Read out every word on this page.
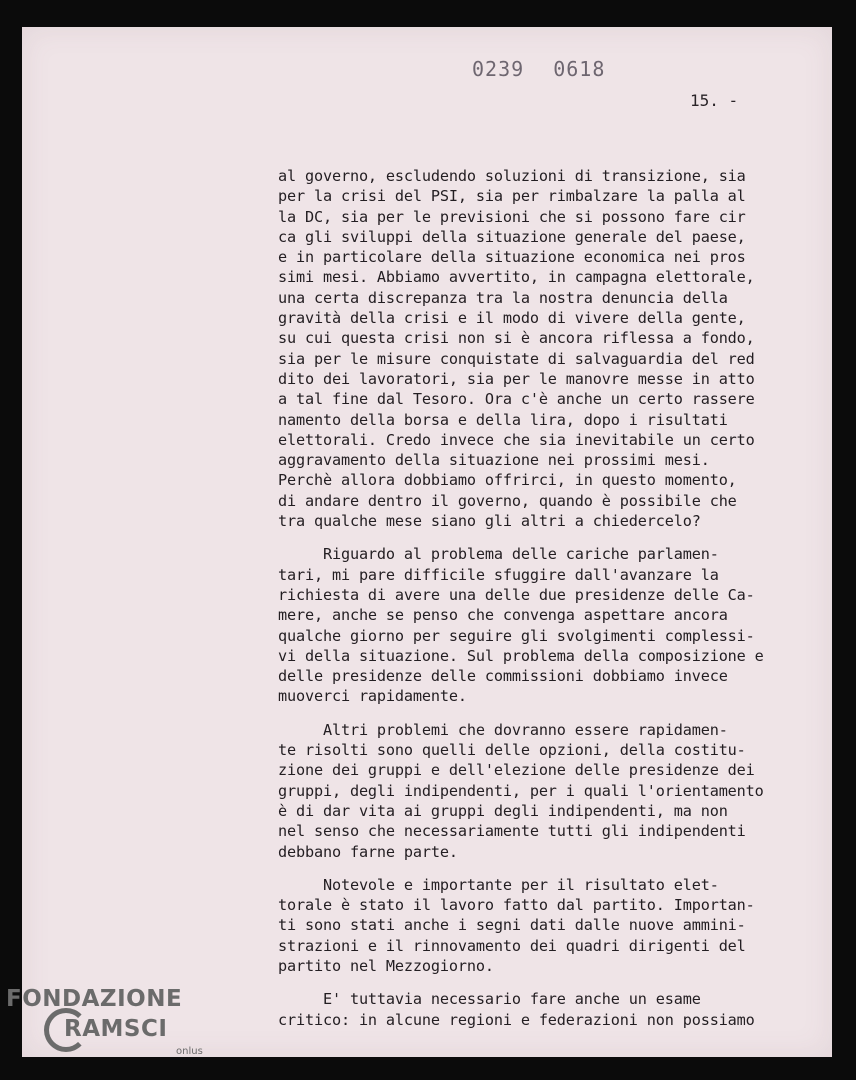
0239 0618
15. -

al governo, escludendo soluzioni di transizione, sia
per la crisi del PSI, sia per rimbalzare la palla al
la DC, sia per le previsioni che si possono fare cir
ca gli sviluppi della situazione generale del paese,
e in particolare della situazione economica nei pros
simi mesi. Abbiamo avvertito, in campagna elettorale,
una certa discrepanza tra la nostra denuncia della
gravità della crisi e il modo di vivere della gente,
su cui questa crisi non si è ancora riflessa a fondo,
sia per le misure conquistate di salvaguardia del red
dito dei lavoratori, sia per le manovre messe in atto
a tal fine dal Tesoro. Ora c'è anche un certo rassere
namento della borsa e della lira, dopo i risultati
elettorali. Credo invece che sia inevitabile un certo
aggravamento della situazione nei prossimi mesi.
Perchè allora dobbiamo offrirci, in questo momento,
di andare dentro il governo, quando è possibile che
tra qualche mese siano gli altri a chiedercelo?

Riguardo al problema delle cariche parlamen-
tari, mi pare difficile sfuggire dall'avanzare la
richiesta di avere una delle due presidenze delle Ca-
mere, anche se penso che convenga aspettare ancora
qualche giorno per seguire gli svolgimenti complessi-
vi della situazione. Sul problema della composizione e
delle presidenze delle commissioni dobbiamo invece
muoverci rapidamente.

Altri problemi che dovranno essere rapidamen-
te risolti sono quelli delle opzioni, della costitu-
zione dei gruppi e dell'elezione delle presidenze dei
gruppi, degli indipendenti, per i quali l'orientamento
è di dar vita ai gruppi degli indipendenti, ma non
nel senso che necessariamente tutti gli indipendenti
debbano farne parte.

Notevole e importante per il risultato elet-
torale è stato il lavoro fatto dal partito. Importan-
ti sono stati anche i segni dati dalle nuove ammini-
strazioni e il rinnovamento dei quadri dirigenti del
partito nel Mezzogiorno.

E' tuttavia necessario fare anche un esame
critico: in alcune regioni e federazioni non possiamo

FONDAZIONE
RAMSCI
onlus
